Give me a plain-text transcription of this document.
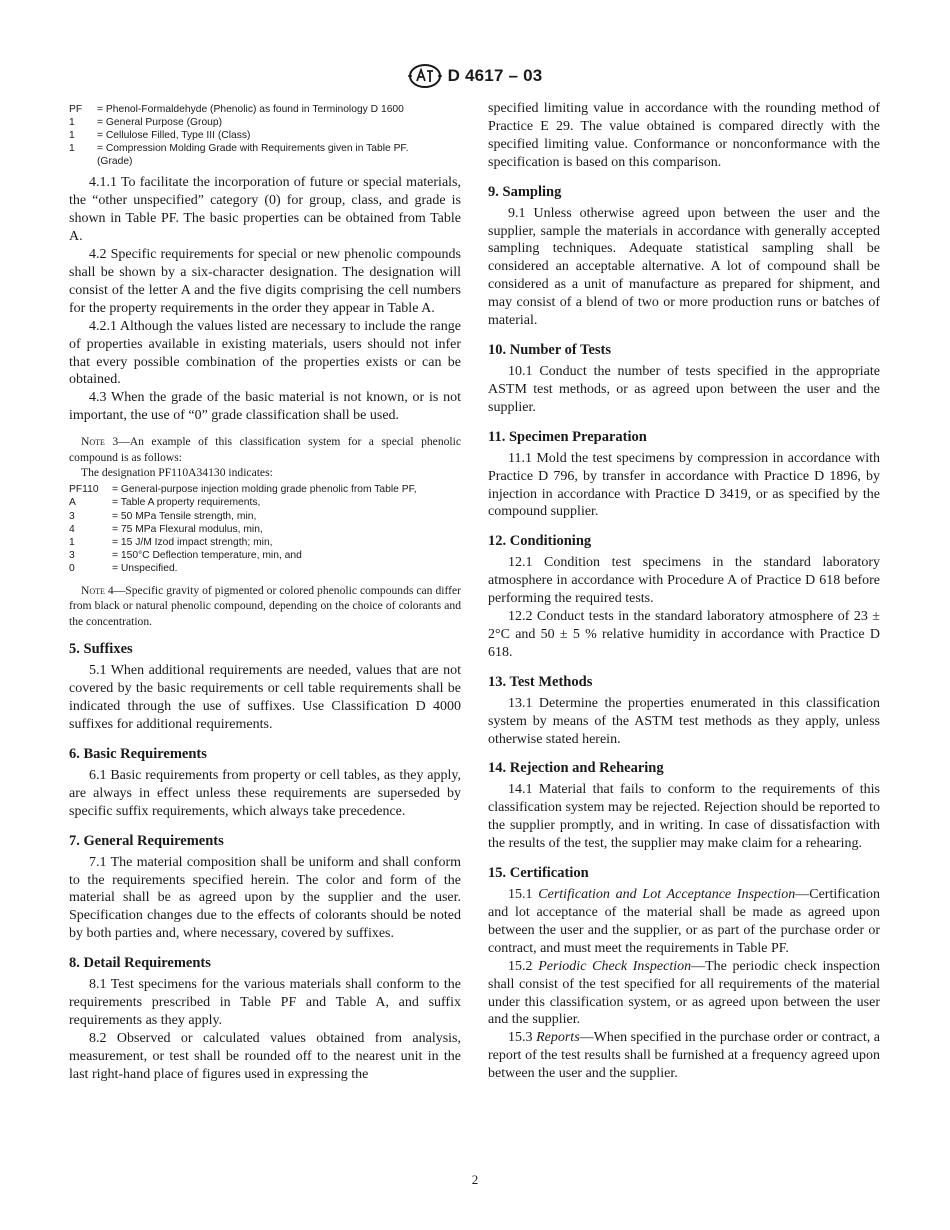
D 4617 – 03
PF	= Phenol-Formaldehyde (Phenolic) as found in Terminology D 1600
1	= General Purpose (Group)
1	= Cellulose Filled, Type III (Class)
1	= Compression Molding Grade with Requirements given in Table PF. (Grade)

4.1.1 To facilitate the incorporation of future or special materials, the “other unspecified” category (0) for group, class, and grade is shown in Table PF. The basic properties can be obtained from Table A.

4.2 Specific requirements for special or new phenolic compounds shall be shown by a six-character designation. The designation will consist of the letter A and the five digits comprising the cell numbers for the property requirements in the order they appear in Table A.

4.2.1 Although the values listed are necessary to include the range of properties available in existing materials, users should not infer that every possible combination of the properties exists or can be obtained.

4.3 When the grade of the basic material is not known, or is not important, the use of “0” grade classification shall be used.

Note 3—An example of this classification system for a special phenolic compound is as follows:

The designation PF110A34130 indicates:

PF110	= General-purpose injection molding grade phenolic from Table PF,
A	= Table A property requirements,
3	= 50 MPa Tensile strength, min,
4	= 75 MPa Flexural modulus, min,
1	= 15 J/M Izod impact strength; min,
3	= 150°C Deflection temperature, min, and
0	= Unspecified.

Note 4—Specific gravity of pigmented or colored phenolic compounds can differ from black or natural phenolic compound, depending on the choice of colorants and the concentration.

5. Suffixes

5.1 When additional requirements are needed, values that are not covered by the basic requirements or cell table requirements shall be indicated through the use of suffixes. Use Classification D 4000 suffixes for additional requirements.

6. Basic Requirements

6.1 Basic requirements from property or cell tables, as they apply, are always in effect unless these requirements are superseded by specific suffix requirements, which always take precedence.

7. General Requirements

7.1 The material composition shall be uniform and shall conform to the requirements specified herein. The color and form of the material shall be as agreed upon by the supplier and the user. Specification changes due to the effects of colorants should be noted by both parties and, where necessary, covered by suffixes.

8. Detail Requirements

8.1 Test specimens for the various materials shall conform to the requirements prescribed in Table PF and Table A, and suffix requirements as they apply.

8.2 Observed or calculated values obtained from analysis, measurement, or test shall be rounded off to the nearest unit in the last right-hand place of figures used in expressing the

specified limiting value in accordance with the rounding method of Practice E 29. The value obtained is compared directly with the specified limiting value. Conformance or nonconformance with the specification is based on this comparison.

9. Sampling

9.1 Unless otherwise agreed upon between the user and the supplier, sample the materials in accordance with generally accepted sampling techniques. Adequate statistical sampling shall be considered an acceptable alternative. A lot of compound shall be considered as a unit of manufacture as prepared for shipment, and may consist of a blend of two or more production runs or batches of material.

10. Number of Tests

10.1 Conduct the number of tests specified in the appropriate ASTM test methods, or as agreed upon between the user and the supplier.

11. Specimen Preparation

11.1 Mold the test specimens by compression in accordance with Practice D 796, by transfer in accordance with Practice D 1896, by injection in accordance with Practice D 3419, or as specified by the compound supplier.

12. Conditioning

12.1 Condition test specimens in the standard laboratory atmosphere in accordance with Procedure A of Practice D 618 before performing the required tests.

12.2 Conduct tests in the standard laboratory atmosphere of 23 ± 2°C and 50 ± 5 % relative humidity in accordance with Practice D 618.

13. Test Methods

13.1 Determine the properties enumerated in this classification system by means of the ASTM test methods as they apply, unless otherwise stated herein.

14. Rejection and Rehearing

14.1 Material that fails to conform to the requirements of this classification system may be rejected. Rejection should be reported to the supplier promptly, and in writing. In case of dissatisfaction with the results of the test, the supplier may make claim for a rehearing.

15. Certification

15.1 Certification and Lot Acceptance Inspection—Certification and lot acceptance of the material shall be made as agreed upon between the user and the supplier, or as part of the purchase order or contract, and must meet the requirements in Table PF.

15.2 Periodic Check Inspection—The periodic check inspection shall consist of the test specified for all requirements of the material under this classification system, or as agreed upon between the user and the supplier.

15.3 Reports—When specified in the purchase order or contract, a report of the test results shall be furnished at a frequency agreed upon between the user and the supplier.

2
